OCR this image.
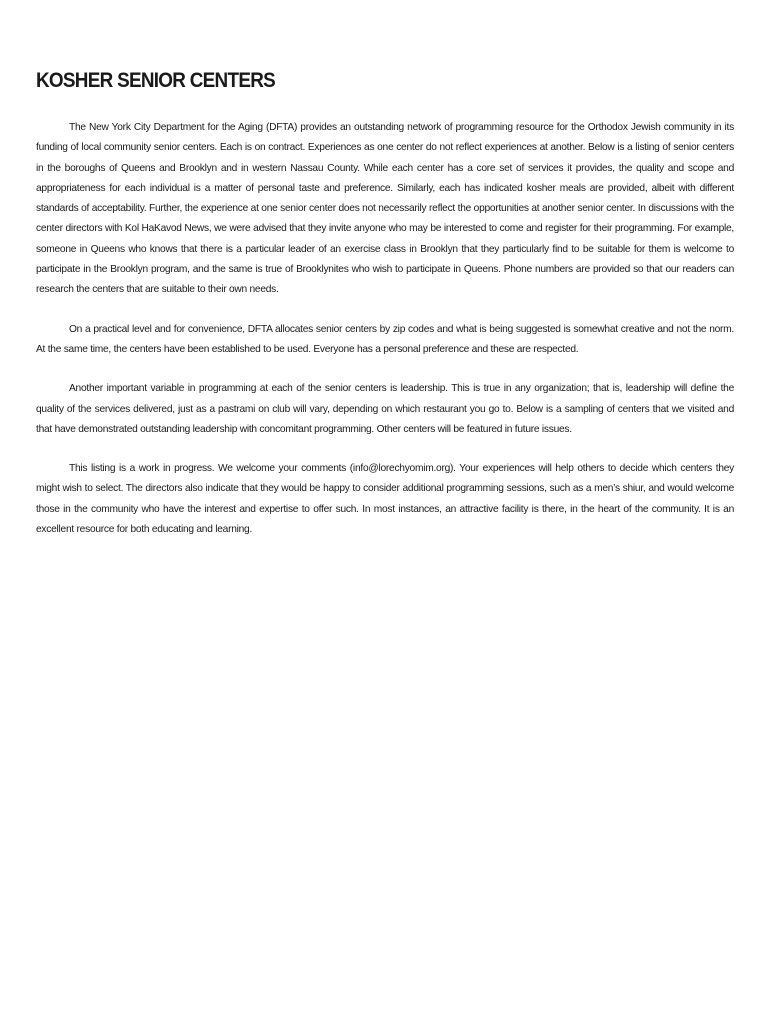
KOSHER SENIOR CENTERS

The New York City Department for the Aging (DFTA) provides an outstanding network of programming resource for the Orthodox Jewish community in its funding of local community senior centers. Each is on contract. Experiences as one center do not reflect experiences at another. Below is a listing of senior centers in the boroughs of Queens and Brooklyn and in western Nassau County. While each center has a core set of services it provides, the quality and scope and appropriateness for each individual is a matter of personal taste and preference. Similarly, each has indicated kosher meals are provided, albeit with different standards of acceptability. Further, the experience at one senior center does not necessarily reflect the opportunities at another senior center. In discussions with the center directors with Kol HaKavod News, we were advised that they invite anyone who may be interested to come and register for their programming. For example, someone in Queens who knows that there is a particular leader of an exercise class in Brooklyn that they particularly find to be suitable for them is welcome to participate in the Brooklyn program, and the same is true of Brooklynites who wish to participate in Queens. Phone numbers are provided so that our readers can research the centers that are suitable to their own needs.

On a practical level and for convenience, DFTA allocates senior centers by zip codes and what is being suggested is somewhat creative and not the norm. At the same time, the centers have been established to be used. Everyone has a personal preference and these are respected.

Another important variable in programming at each of the senior centers is leadership. This is true in any organization; that is, leadership will define the quality of the services delivered, just as a pastrami on club will vary, depending on which restaurant you go to. Below is a sampling of centers that we visited and that have demonstrated outstanding leadership with concomitant programming. Other centers will be featured in future issues.

This listing is a work in progress. We welcome your comments (info@lorechyomim.org). Your experiences will help others to decide which centers they might wish to select. The directors also indicate that they would be happy to consider additional programming sessions, such as a men’s shiur, and would welcome those in the community who have the interest and expertise to offer such. In most instances, an attractive facility is there, in the heart of the community. It is an excellent resource for both educating and learning.
